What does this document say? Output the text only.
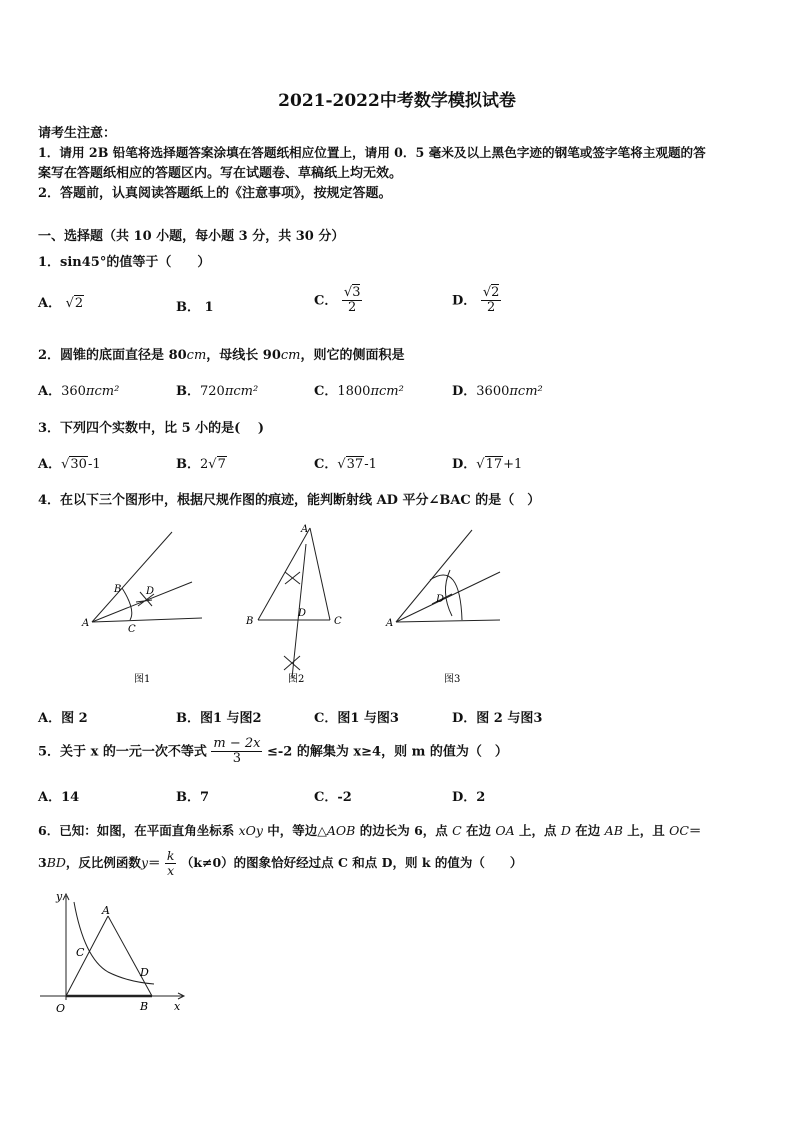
2021-2022中考数学模拟试卷
请考生注意：
1．请用 2B 铅笔将选择题答案涂填在答题纸相应位置上，请用 0．5 毫米及以上黑色字迹的钢笔或签字笔将主观题的答
案写在答题纸相应的答题区内。写在试题卷、草稿纸上均无效。
2．答题前，认真阅读答题纸上的《注意事项》，按规定答题。
一、选择题（共 10 小题，每小题 3 分，共 30 分）
1．sin45°的值等于（　　）
A． √2	B． 1	C． $\frac{√3}{2}$	D． $\frac{√2}{2}$
2．圆锥的底面直径是 80cm，母线长 90cm，则它的侧面积是
A．360πcm²	B．720πcm²	C．1800πcm²	D．3600πcm²
3．下列四个实数中，比 5 小的是(　 )
A．√30-1	B．2√7	C．√37-1	D．√17+1
4．在以下三个图形中，根据尺规作图的痕迹，能判断射线 AD 平分∠BAC 的是（　）
B D
A
C
图1
A
B
D
C
图2
A
D
图3
A．图 2	B．图1 与图2	C．图1 与图3	D．图 2 与图3
5．关于 x 的一元一次不等式 $\frac{m - 2x}{3} \le-2$ 的解集为 x≥4，则 m 的值为（　）
A．14	B．7	C．-2	D．2
6．已知：如图，在平面直角坐标系 xOy 中，等边△AOB 的边长为 6，点 C 在边 OA 上，点 D 在边 AB 上，且 OC＝
3BD，反比例函数$y= \frac{k}{x} (k\ne 0)$的图象恰好经过点 C 和点 D，则 k 的值为（　　）
y
x
O
A
B
C
D
